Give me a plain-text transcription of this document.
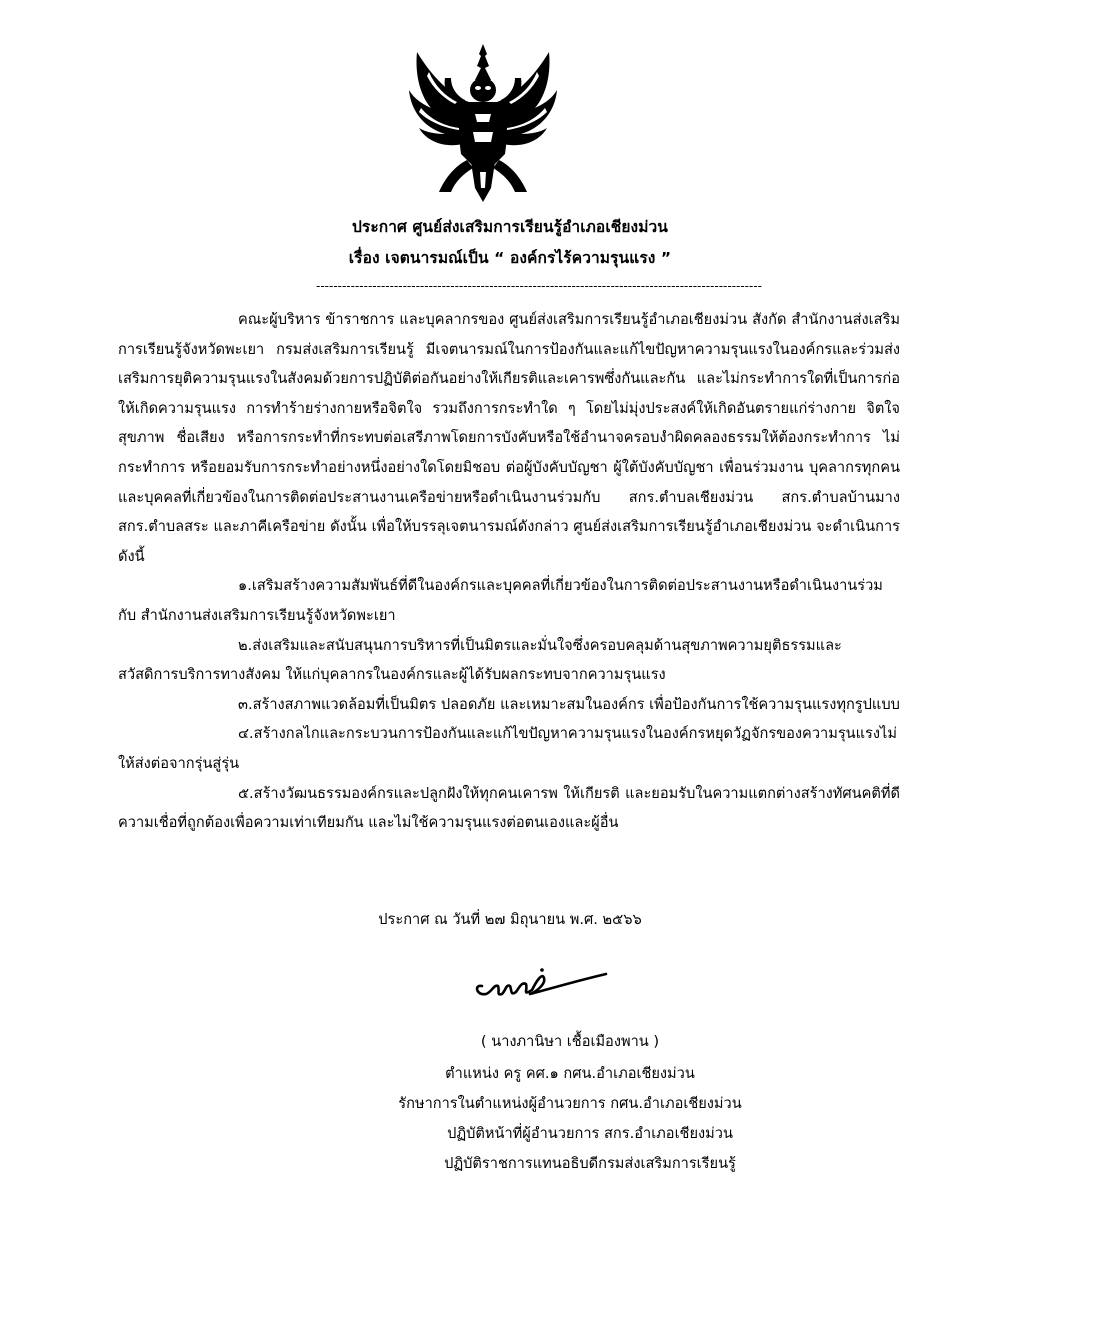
ประกาศ ศูนย์ส่งเสริมการเรียนรู้อำเภอเชียงม่วน
เรื่อง เจตนารมณ์เป็น “ องค์กรไร้ความรุนแรง ”
-------------------------------------------------------------------------------------------------------

คณะผู้บริหาร ข้าราชการ และบุคลากรของ ศูนย์ส่งเสริมการเรียนรู้อำเภอเชียงม่วน สังกัด สำนักงานส่งเสริมการเรียนรู้จังหวัดพะเยา กรมส่งเสริมการเรียนรู้ มีเจตนารมณ์ในการป้องกันและแก้ไขปัญหาความรุนแรงในองค์กรและร่วมส่งเสริมการยุติความรุนแรงในสังคมด้วยการปฏิบัติต่อกันอย่างให้เกียรติและเคารพซึ่งกันและกัน และไม่กระทำการใดที่เป็นการก่อให้เกิดความรุนแรง การทำร้ายร่างกายหรือจิตใจ รวมถึงการกระทำใด ๆ โดยไม่มุ่งประสงค์ให้เกิดอันตรายแก่ร่างกาย จิตใจ สุขภาพ ชื่อเสียง หรือการกระทำที่กระทบต่อเสรีภาพโดยการบังคับหรือใช้อำนาจครอบงำผิดคลองธรรมให้ต้องกระทำการ ไม่กระทำการ หรือยอมรับการกระทำอย่างหนึ่งอย่างใดโดยมิชอบ ต่อผู้บังคับบัญชา ผู้ใต้บังคับบัญชา เพื่อนร่วมงาน บุคลากรทุกคน และบุคคลที่เกี่ยวข้องในการติดต่อประสานงานเครือข่ายหรือดำเนินงานร่วมกับ สกร.ตำบลเชียงม่วน สกร.ตำบลบ้านมาง สกร.ตำบลสระ และภาคีเครือข่าย ดังนั้น เพื่อให้บรรลุเจตนารมณ์ดังกล่าว ศูนย์ส่งเสริมการเรียนรู้อำเภอเชียงม่วน จะดำเนินการ ดังนี้

๑.เสริมสร้างความสัมพันธ์ที่ดีในองค์กรและบุคคลที่เกี่ยวข้องในการติดต่อประสานงานหรือดำเนินงานร่วมกับ สำนักงานส่งเสริมการเรียนรู้จังหวัดพะเยา

๒.ส่งเสริมและสนับสนุนการบริหารที่เป็นมิตรและมั่นใจซึ่งครอบคลุมด้านสุขภาพความยุติธรรมและสวัสดิการบริการทางสังคม ให้แก่บุคลากรในองค์กรและผู้ได้รับผลกระทบจากความรุนแรง

๓.สร้างสภาพแวดล้อมที่เป็นมิตร ปลอดภัย และเหมาะสมในองค์กร เพื่อป้องกันการใช้ความรุนแรงทุกรูปแบบ

๔.สร้างกลไกและกระบวนการป้องกันและแก้ไขปัญหาความรุนแรงในองค์กรหยุดวัฏจักรของความรุนแรงไม่ให้ส่งต่อจากรุ่นสู่รุ่น

๕.สร้างวัฒนธรรมองค์กรและปลูกฝังให้ทุกคนเคารพ ให้เกียรติ และยอมรับในความแตกต่างสร้างทัศนคติที่ดี ความเชื่อที่ถูกต้องเพื่อความเท่าเทียมกัน และไม่ใช้ความรุนแรงต่อตนเองและผู้อื่น

ประกาศ ณ วันที่ ๒๗ มิถุนายน พ.ศ. ๒๕๖๖
( นางภานิษา เชื้อเมืองพาน )
ตำแหน่ง ครู คศ.๑ กศน.อำเภอเชียงม่วน
รักษาการในตำแหน่งผู้อำนวยการ กศน.อำเภอเชียงม่วน
ปฏิบัติหน้าที่ผู้อำนวยการ สกร.อำเภอเชียงม่วน
ปฏิบัติราชการแทนอธิบดีกรมส่งเสริมการเรียนรู้
